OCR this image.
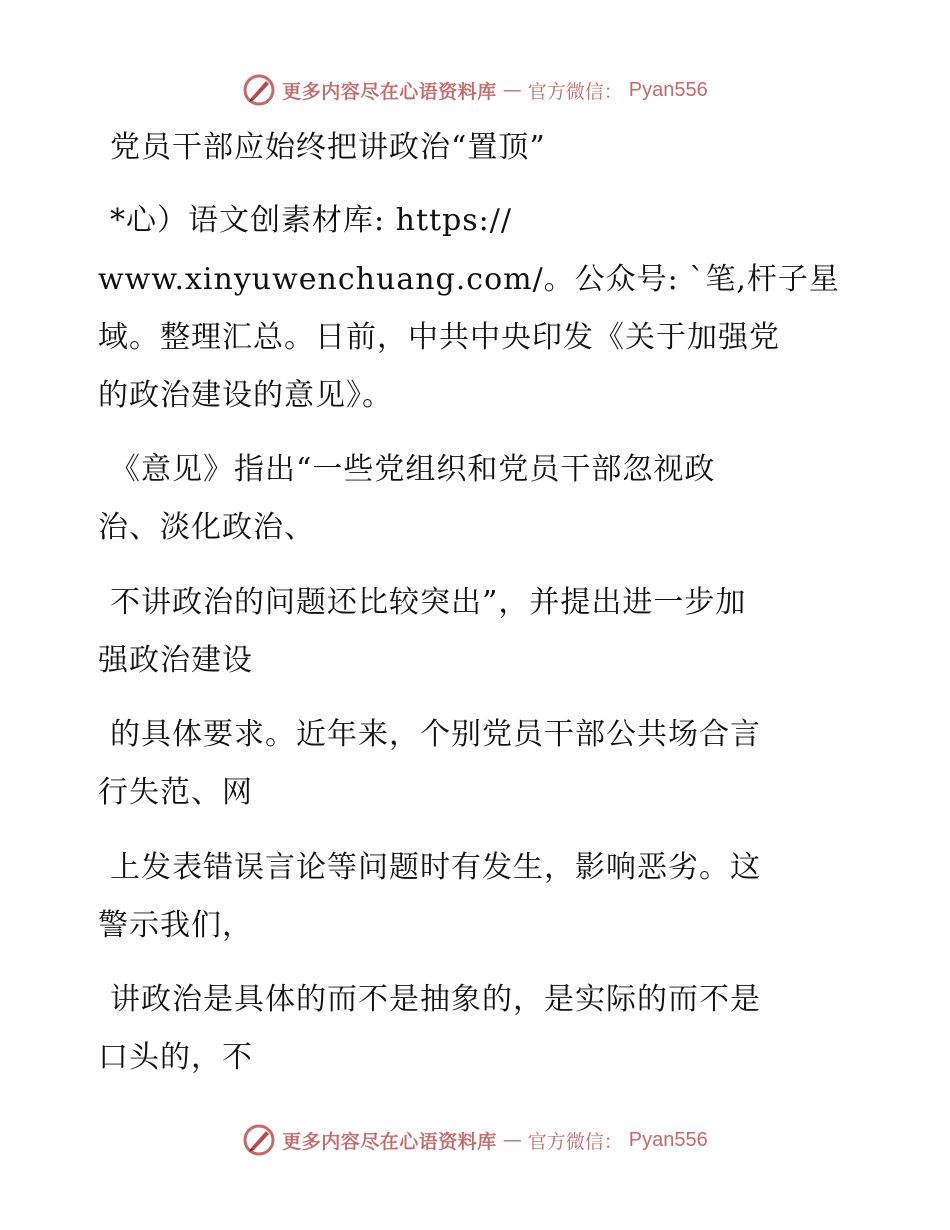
更多内容尽在心语资料库 — 官方微信： Pyan556
党员干部应始终把讲政治“置顶”
*心）语文创素材库: https://
www.xinyuwenchuang.com/。公众号: `笔,杆子星
域。整理汇总。日前，中共中央印发《关于加强党
的政治建设的意见》。
《意见》指出“一些党组织和党员干部忽视政
治、淡化政治、
不讲政治的问题还比较突出”，并提出进一步加
强政治建设
的具体要求。近年来，个别党员干部公共场合言
行失范、网
上发表错误言论等问题时有发生，影响恶劣。这
警示我们，
讲政治是具体的而不是抽象的，是实际的而不是
口头的，不
更多内容尽在心语资料库 — 官方微信： Pyan556
